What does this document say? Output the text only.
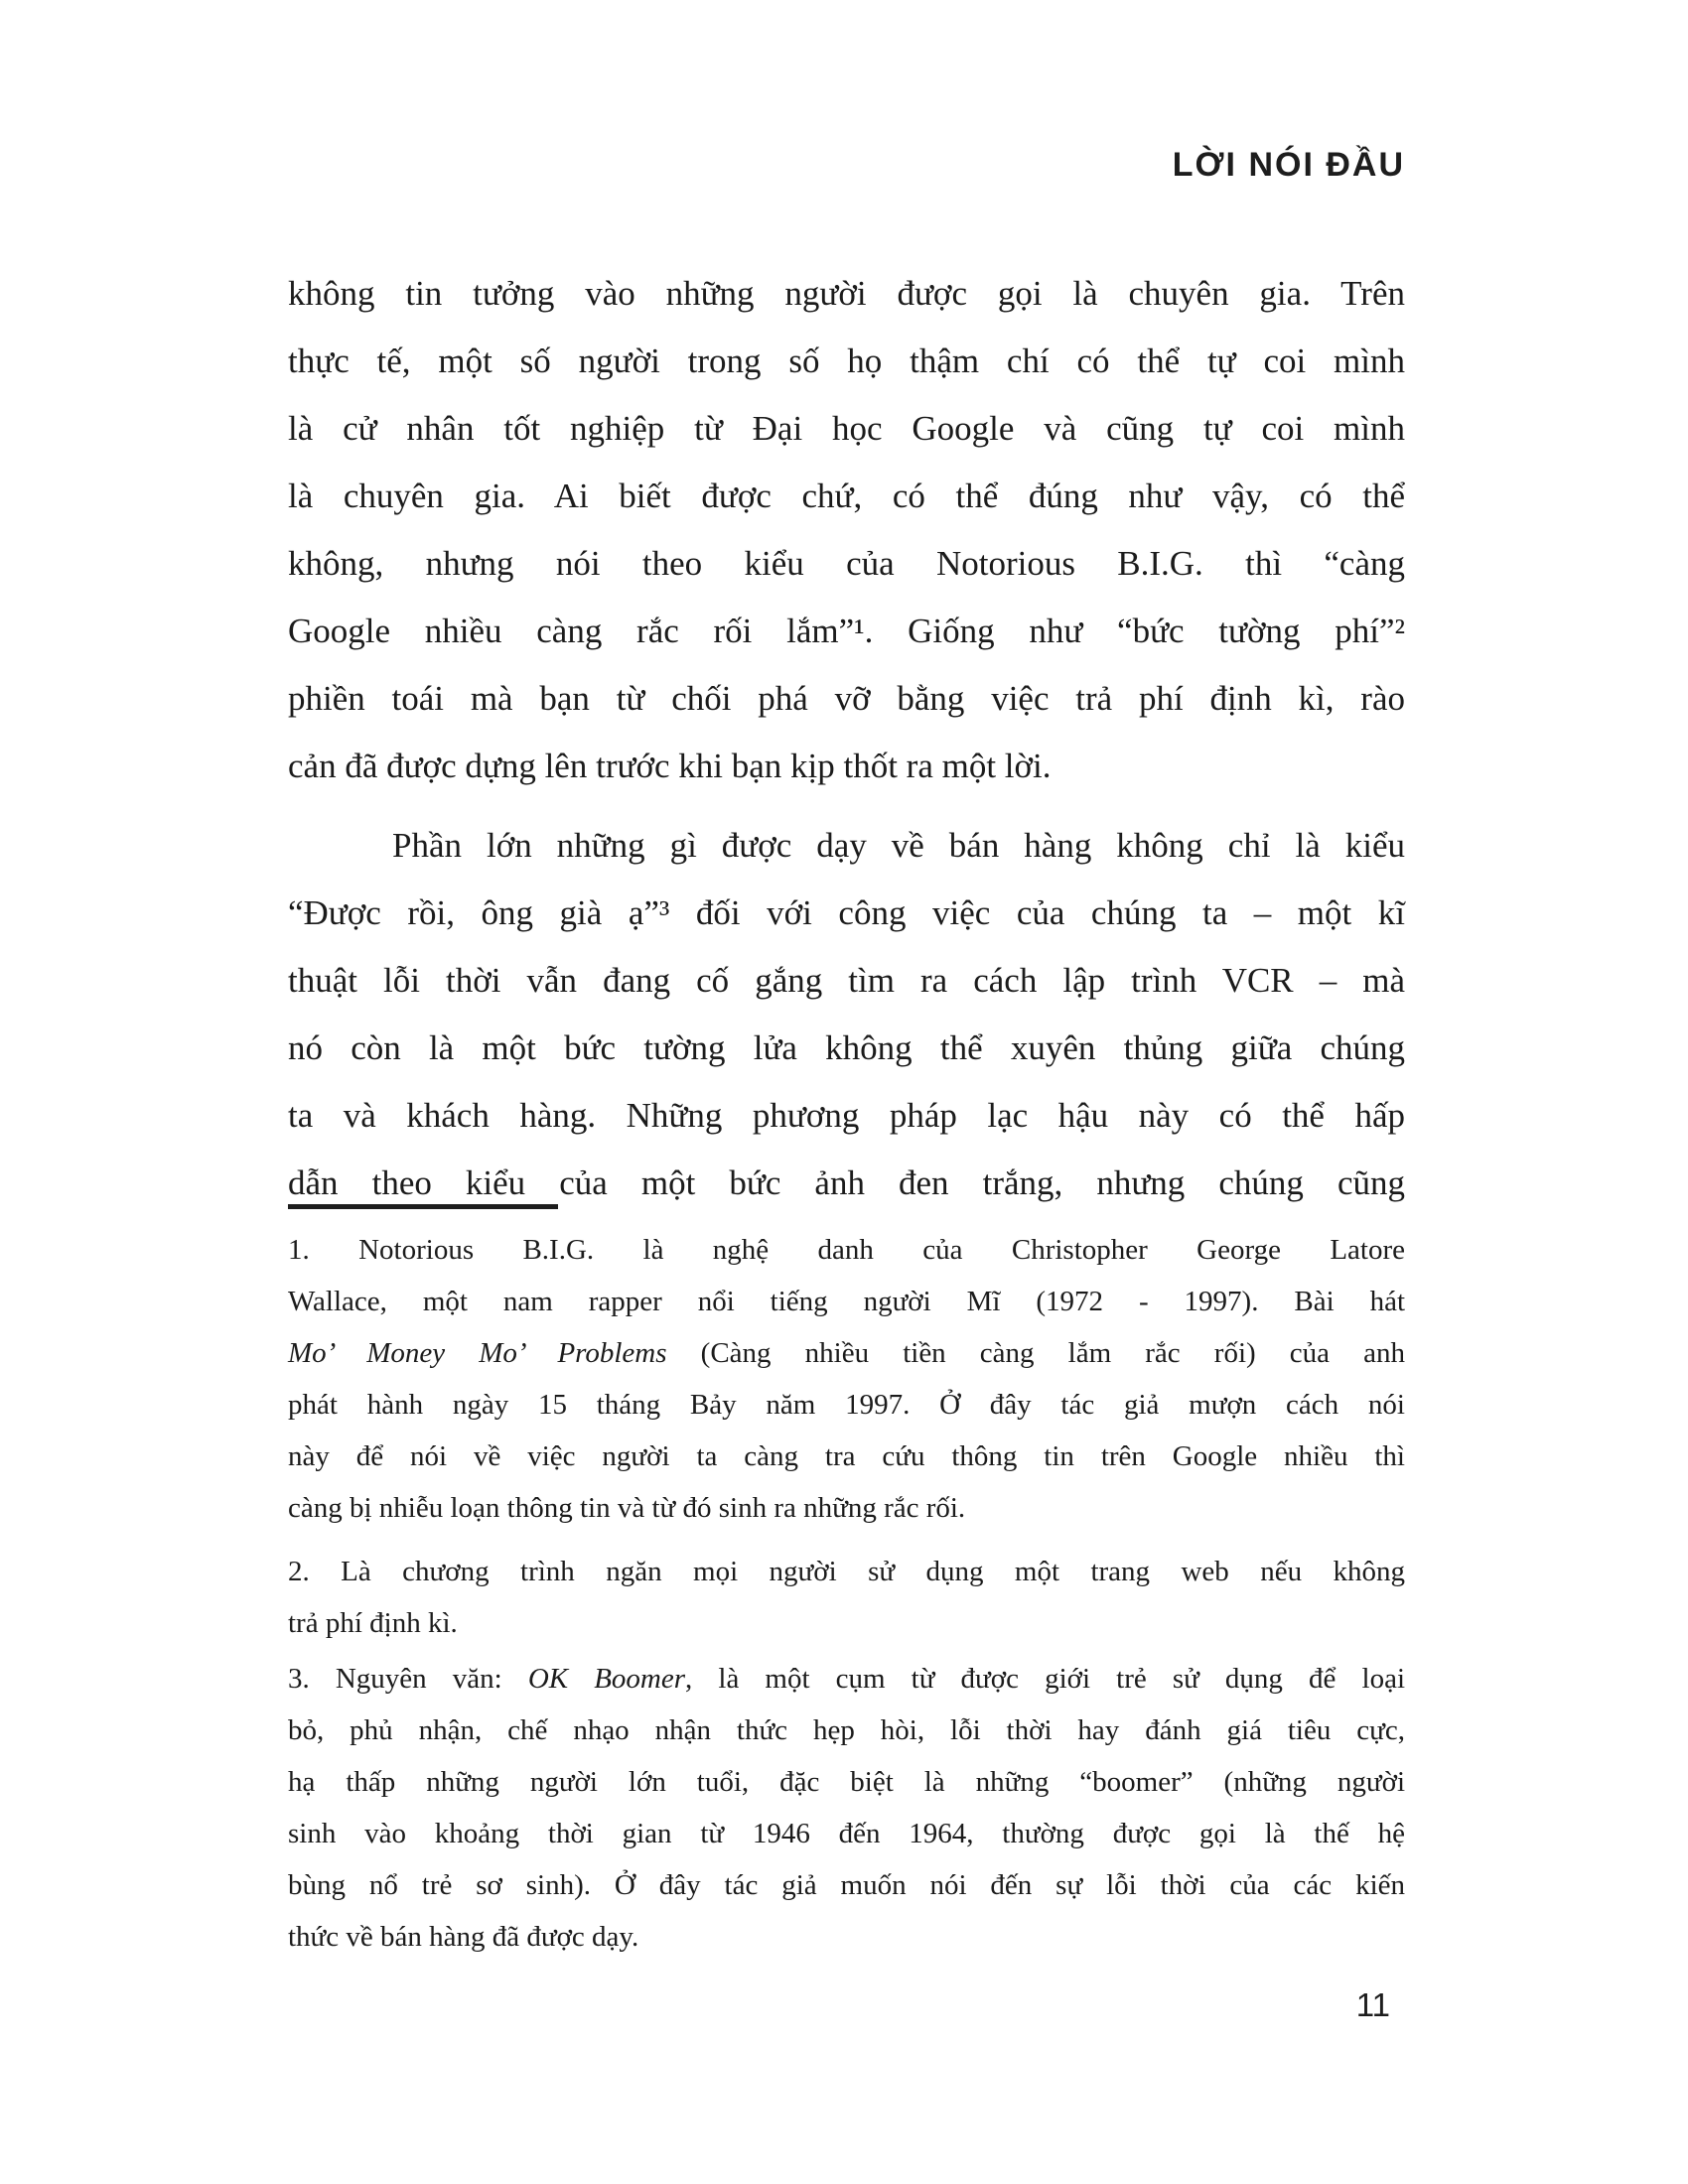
LỜI NÓI ĐẦU
không tin tưởng vào những người được gọi là chuyên gia. Trên
thực tế, một số người trong số họ thậm chí có thể tự coi mình
là cử nhân tốt nghiệp từ Đại học Google và cũng tự coi mình
là chuyên gia. Ai biết được chứ, có thể đúng như vậy, có thể
không, nhưng nói theo kiểu của Notorious B.I.G. thì “càng
Google nhiều càng rắc rối lắm”¹. Giống như “bức tường phí”²
phiền toái mà bạn từ chối phá vỡ bằng việc trả phí định kì, rào
cản đã được dựng lên trước khi bạn kịp thốt ra một lời.
Phần lớn những gì được dạy về bán hàng không chỉ là kiểu
“Được rồi, ông già ạ”³ đối với công việc của chúng ta – một kĩ
thuật lỗi thời vẫn đang cố gắng tìm ra cách lập trình VCR – mà
nó còn là một bức tường lửa không thể xuyên thủng giữa chúng
ta và khách hàng. Những phương pháp lạc hậu này có thể hấp
dẫn theo kiểu của một bức ảnh đen trắng, nhưng chúng cũng
1. Notorious B.I.G. là nghệ danh của Christopher George Latore
Wallace, một nam rapper nổi tiếng người Mĩ (1972 - 1997). Bài hát
Mo’ Money Mo’ Problems (Càng nhiều tiền càng lắm rắc rối) của anh
phát hành ngày 15 tháng Bảy năm 1997. Ở đây tác giả mượn cách nói
này để nói về việc người ta càng tra cứu thông tin trên Google nhiều thì
càng bị nhiễu loạn thông tin và từ đó sinh ra những rắc rối.
2. Là chương trình ngăn mọi người sử dụng một trang web nếu không
trả phí định kì.
3. Nguyên văn: OK Boomer, là một cụm từ được giới trẻ sử dụng để loại
bỏ, phủ nhận, chế nhạo nhận thức hẹp hòi, lỗi thời hay đánh giá tiêu cực,
hạ thấp những người lớn tuổi, đặc biệt là những “boomer” (những người
sinh vào khoảng thời gian từ 1946 đến 1964, thường được gọi là thế hệ
bùng nổ trẻ sơ sinh). Ở đây tác giả muốn nói đến sự lỗi thời của các kiến
thức về bán hàng đã được dạy.
11
